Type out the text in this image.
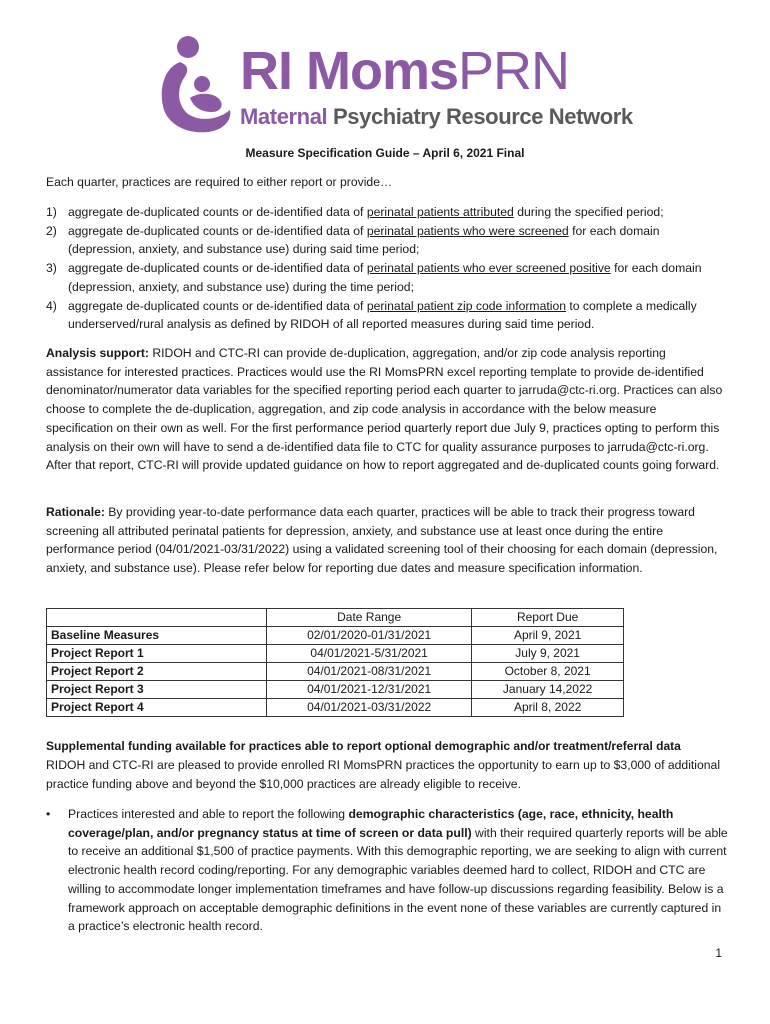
RI MomsPRN
Maternal Psychiatry Resource Network
Measure Specification Guide – April 6, 2021 Final
Each quarter, practices are required to either report or provide…
1) aggregate de-duplicated counts or de-identified data of perinatal patients attributed during the specified period;
2) aggregate de-duplicated counts or de-identified data of perinatal patients who were screened for each domain (depression, anxiety, and substance use) during said time period;
3) aggregate de-duplicated counts or de-identified data of perinatal patients who ever screened positive for each domain (depression, anxiety, and substance use) during the time period;
4) aggregate de-duplicated counts or de-identified data of perinatal patient zip code information to complete a medically underserved/rural analysis as defined by RIDOH of all reported measures during said time period.
Analysis support: RIDOH and CTC-RI can provide de-duplication, aggregation, and/or zip code analysis reporting assistance for interested practices. Practices would use the RI MomsPRN excel reporting template to provide de-identified denominator/numerator data variables for the specified reporting period each quarter to jarruda@ctc-ri.org. Practices can also choose to complete the de-duplication, aggregation, and zip code analysis in accordance with the below measure specification on their own as well. For the first performance period quarterly report due July 9, practices opting to perform this analysis on their own will have to send a de-identified data file to CTC for quality assurance purposes to jarruda@ctc-ri.org. After that report, CTC-RI will provide updated guidance on how to report aggregated and de-duplicated counts going forward.
Rationale: By providing year-to-date performance data each quarter, practices will be able to track their progress toward screening all attributed perinatal patients for depression, anxiety, and substance use at least once during the entire performance period (04/01/2021-03/31/2022) using a validated screening tool of their choosing for each domain (depression, anxiety, and substance use). Please refer below for reporting due dates and measure specification information.
	Date Range	Report Due
Baseline Measures	02/01/2020-01/31/2021	April 9, 2021
Project Report 1	04/01/2021-5/31/2021	July 9, 2021
Project Report 2	04/01/2021-08/31/2021	October 8, 2021
Project Report 3	04/01/2021-12/31/2021	January 14,2022
Project Report 4	04/01/2021-03/31/2022	April 8, 2022
Supplemental funding available for practices able to report optional demographic and/or treatment/referral data
RIDOH and CTC-RI are pleased to provide enrolled RI MomsPRN practices the opportunity to earn up to $3,000 of additional practice funding above and beyond the $10,000 practices are already eligible to receive.
• Practices interested and able to report the following demographic characteristics (age, race, ethnicity, health coverage/plan, and/or pregnancy status at time of screen or data pull) with their required quarterly reports will be able to receive an additional $1,500 of practice payments. With this demographic reporting, we are seeking to align with current electronic health record coding/reporting. For any demographic variables deemed hard to collect, RIDOH and CTC are willing to accommodate longer implementation timeframes and have follow-up discussions regarding feasibility. Below is a framework approach on acceptable demographic definitions in the event none of these variables are currently captured in a practice’s electronic health record.
1
